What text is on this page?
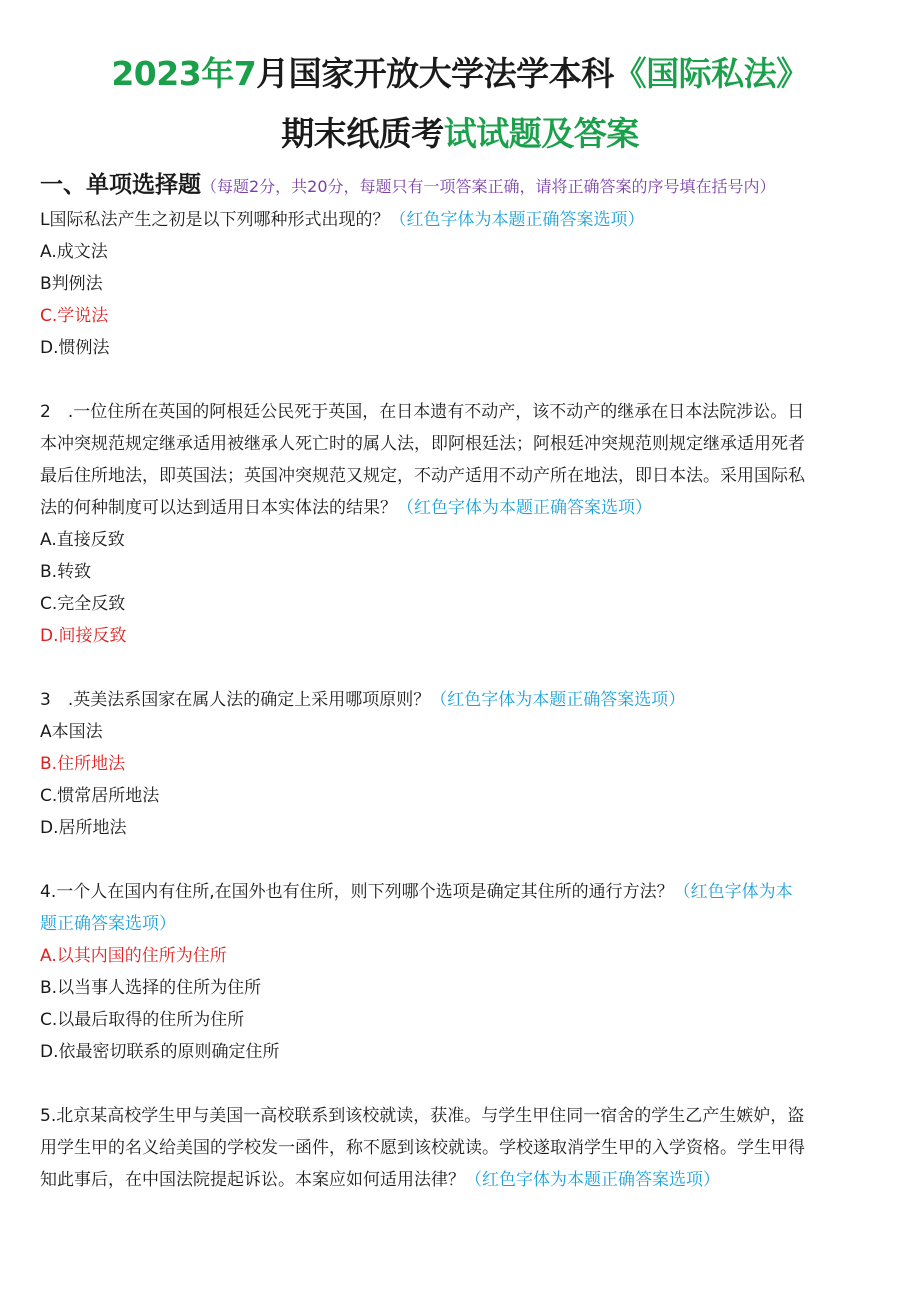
2023年7月国家开放大学法学本科《国际私法》
期末纸质考试试题及答案

一、单项选择题（每题2分，共20分，每题只有一项答案正确，请将正确答案的序号填在括号内）

L国际私法产生之初是以下列哪种形式出现的？（红色字体为本题正确答案选项）

A.成文法

B判例法

C.学说法

D.惯例法

2　.一位住所在英国的阿根廷公民死于英国，在日本遗有不动产，该不动产的继承在日本法院涉讼。日

本冲突规范规定继承适用被继承人死亡时的属人法，即阿根廷法；阿根廷冲突规范则规定继承适用死者

最后住所地法，即英国法；英国冲突规范又规定，不动产适用不动产所在地法，即日本法。采用国际私

法的何种制度可以达到适用日本实体法的结果？（红色字体为本题正确答案选项）

A.直接反致

B.转致

C.完全反致

D.间接反致

3　.英美法系国家在属人法的确定上采用哪项原则？（红色字体为本题正确答案选项）

A本国法

B.住所地法

C.惯常居所地法

D.居所地法

4.一个人在国内有住所,在国外也有住所，则下列哪个选项是确定其住所的通行方法？（红色字体为本

题正确答案选项）

A.以其内国的住所为住所

B.以当事人选择的住所为住所

C.以最后取得的住所为住所

D.依最密切联系的原则确定住所

5.北京某高校学生甲与美国一高校联系到该校就读，获准。与学生甲住同一宿舍的学生乙产生嫉妒，盗

用学生甲的名义给美国的学校发一函件，称不愿到该校就读。学校遂取消学生甲的入学资格。学生甲得

知此事后，在中国法院提起诉讼。本案应如何适用法律？（红色字体为本题正确答案选项）
